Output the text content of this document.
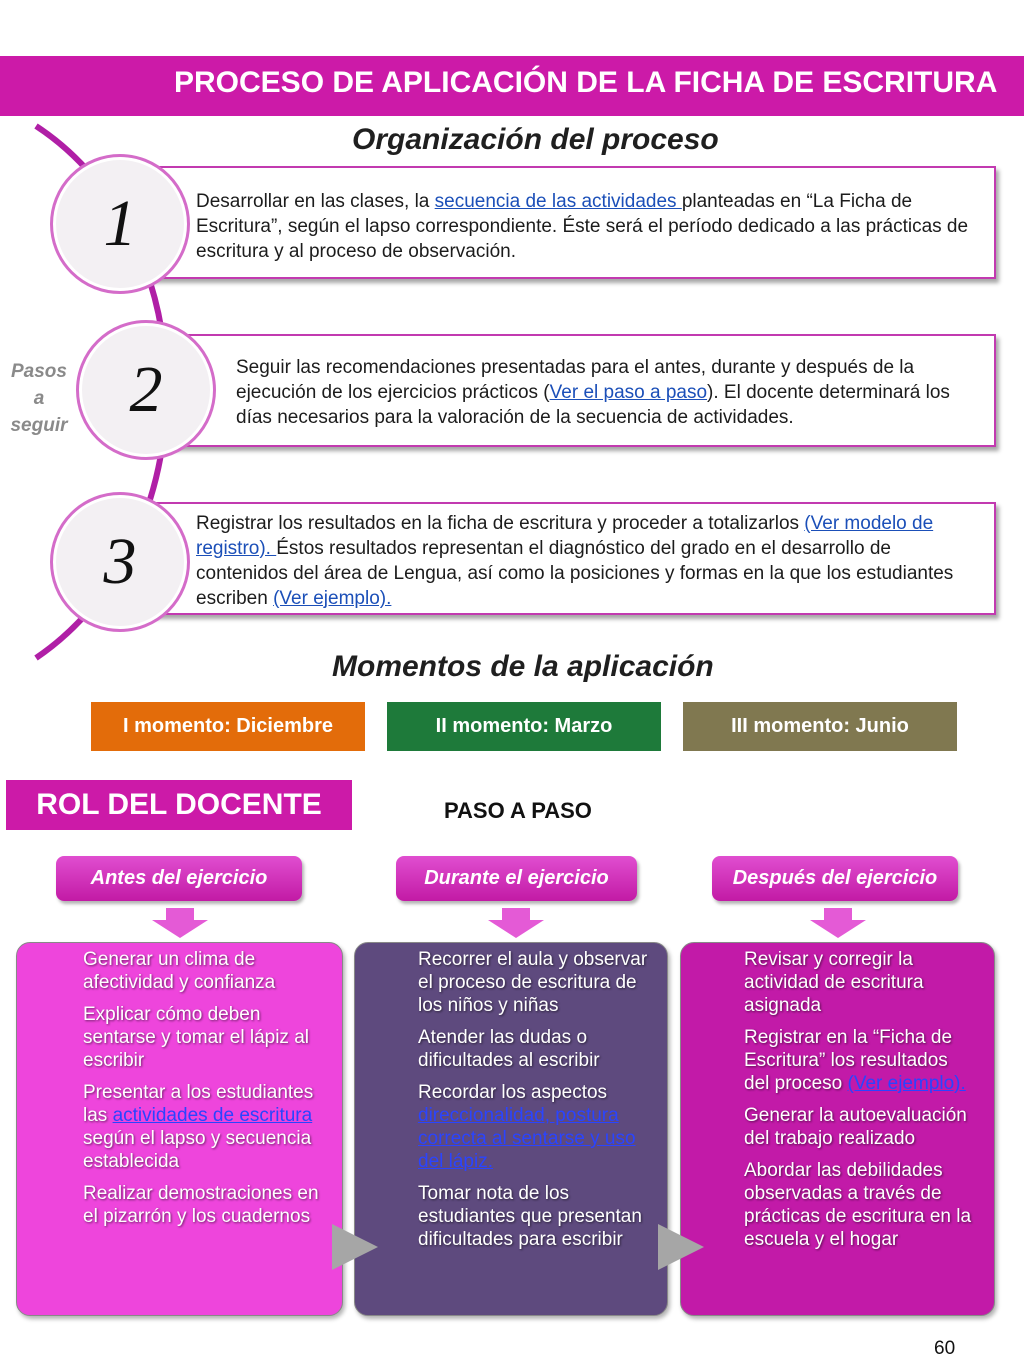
PROCESO DE APLICACIÓN DE LA FICHA DE ESCRITURA
Organización del proceso
Pasos
a
seguir
Desarrollar en las clases, la secuencia de las actividades planteadas en “La Ficha de Escritura”, según el lapso correspondiente. Éste será el período dedicado a las prácticas de escritura y al proceso de observación.
1
Seguir las recomendaciones presentadas para el antes, durante y después de la ejecución de los ejercicios prácticos (Ver el paso a paso). El docente determinará los días necesarios para la valoración de la secuencia de actividades.
2
Registrar los resultados en la ficha de escritura y proceder a totalizarlos (Ver modelo de registro). Éstos resultados representan el diagnóstico del grado en el desarrollo de contenidos del área de Lengua, así como la posiciones y formas en la que los estudiantes escriben (Ver ejemplo).
3
Momentos de la aplicación
I momento: Diciembre	II momento: Marzo	III momento: Junio
ROL DEL DOCENTE	PASO A PASO
Antes del ejercicio	Durante el ejercicio	Después del ejercicio
Generar un clima de afectividad y confianza
Explicar cómo deben sentarse y tomar el lápiz al escribir
Presentar a los estudiantes las actividades de escritura según el lapso y secuencia establecida
Realizar demostraciones en el pizarrón y los cuadernos
Recorrer el aula y observar el proceso de escritura de los niños y niñas
Atender las dudas o dificultades al escribir
Recordar los aspectos direccionalidad, postura correcta al sentarse y uso del lápiz.
Tomar nota de los estudiantes que presentan dificultades para escribir
Revisar y corregir la actividad de escritura asignada
Registrar en la “Ficha de Escritura” los resultados del proceso (Ver ejemplo).
Generar la autoevaluación del trabajo realizado
Abordar las debilidades observadas a través de prácticas de escritura en la escuela y el hogar
60
